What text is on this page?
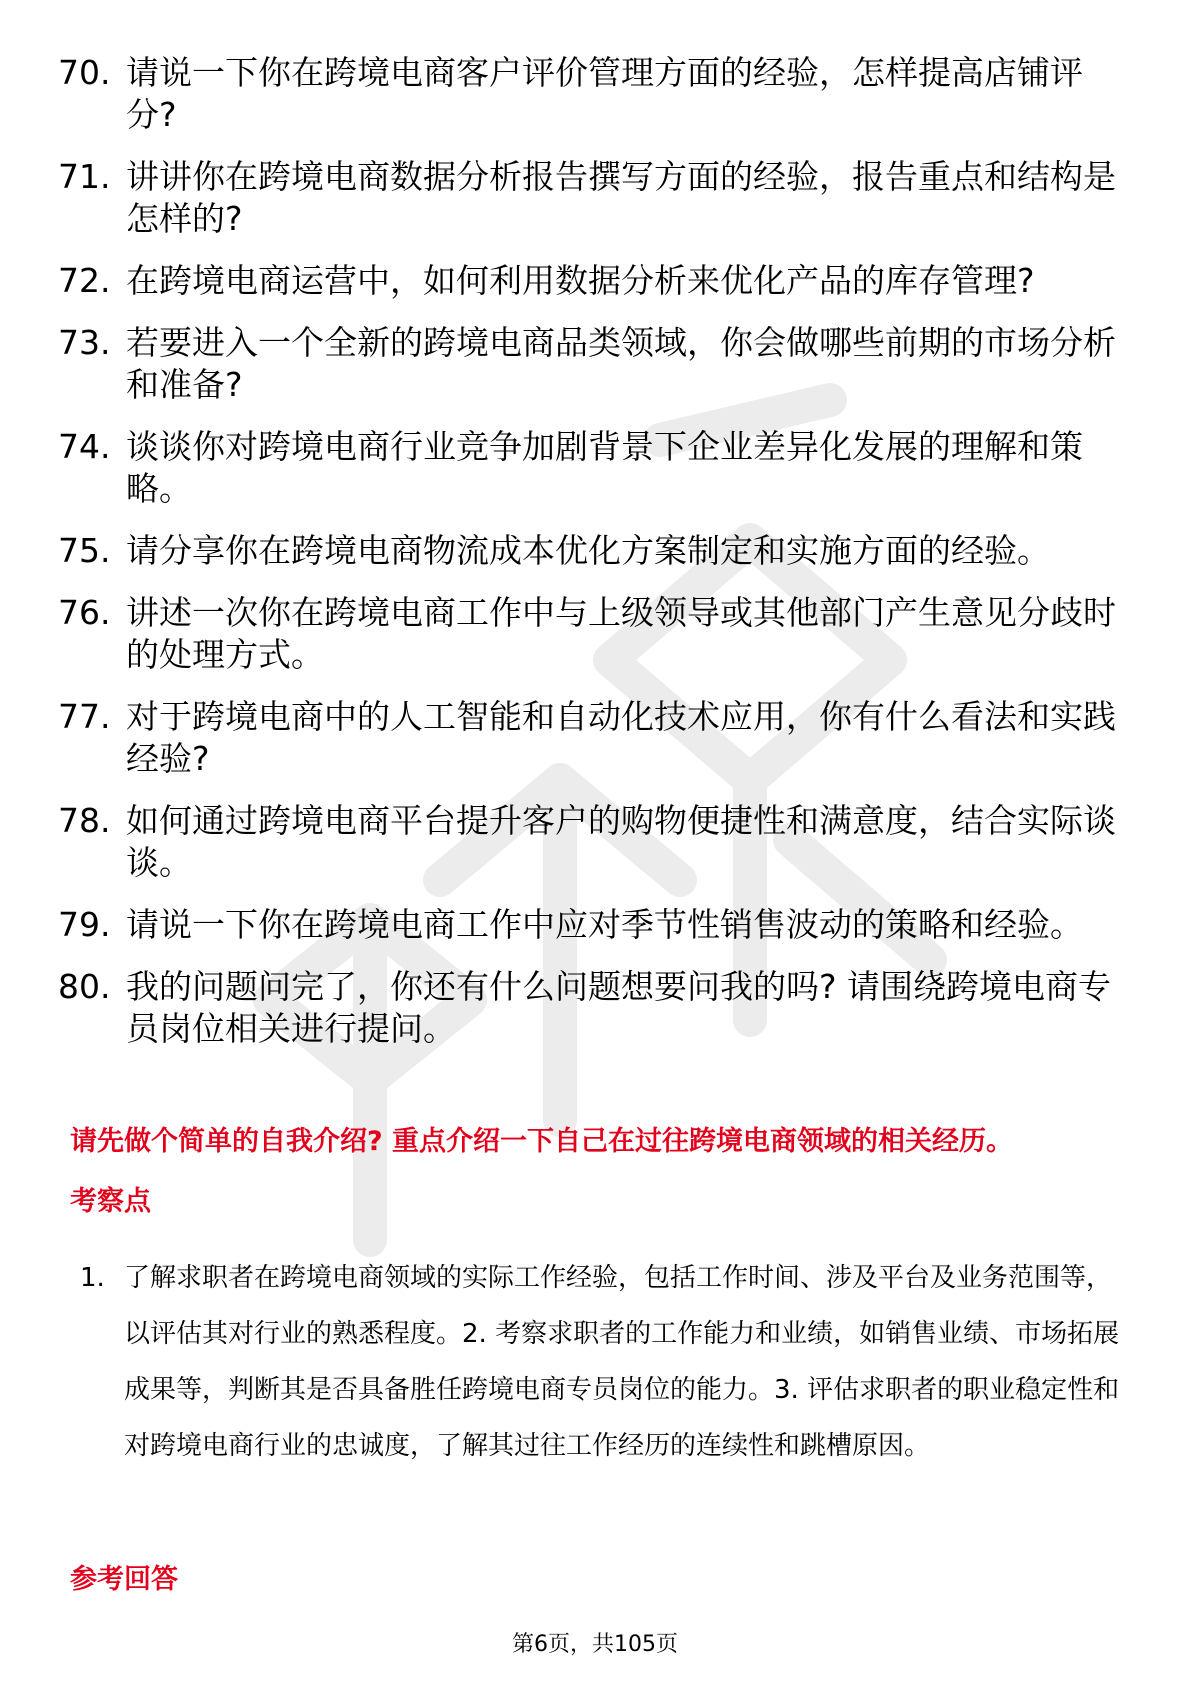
70. 请说一下你在跨境电商客户评价管理方面的经验，怎样提高店铺评分?
71. 讲讲你在跨境电商数据分析报告撰写方面的经验，报告重点和结构是怎样的?
72. 在跨境电商运营中，如何利用数据分析来优化产品的库存管理?
73. 若要进入一个全新的跨境电商品类领域，你会做哪些前期的市场分析和准备?
74. 谈谈你对跨境电商行业竞争加剧背景下企业差异化发展的理解和策略。
75. 请分享你在跨境电商物流成本优化方案制定和实施方面的经验。
76. 讲述一次你在跨境电商工作中与上级领导或其他部门产生意见分歧时的处理方式。
77. 对于跨境电商中的人工智能和自动化技术应用，你有什么看法和实践经验?
78. 如何通过跨境电商平台提升客户的购物便捷性和满意度，结合实际谈谈。
79. 请说一下你在跨境电商工作中应对季节性销售波动的策略和经验。
80. 我的问题问完了，你还有什么问题想要问我的吗? 请围绕跨境电商专员岗位相关进行提问。
请先做个简单的自我介绍? 重点介绍一下自己在过往跨境电商领域的相关经历。
考察点
1. 了解求职者在跨境电商领域的实际工作经验，包括工作时间、涉及平台及业务范围等，以评估其对行业的熟悉程度。2. 考察求职者的工作能力和业绩，如销售业绩、市场拓展成果等，判断其是否具备胜任跨境电商专员岗位的能力。3. 评估求职者的职业稳定性和对跨境电商行业的忠诚度，了解其过往工作经历的连续性和跳槽原因。
参考回答
第6页，共105页
